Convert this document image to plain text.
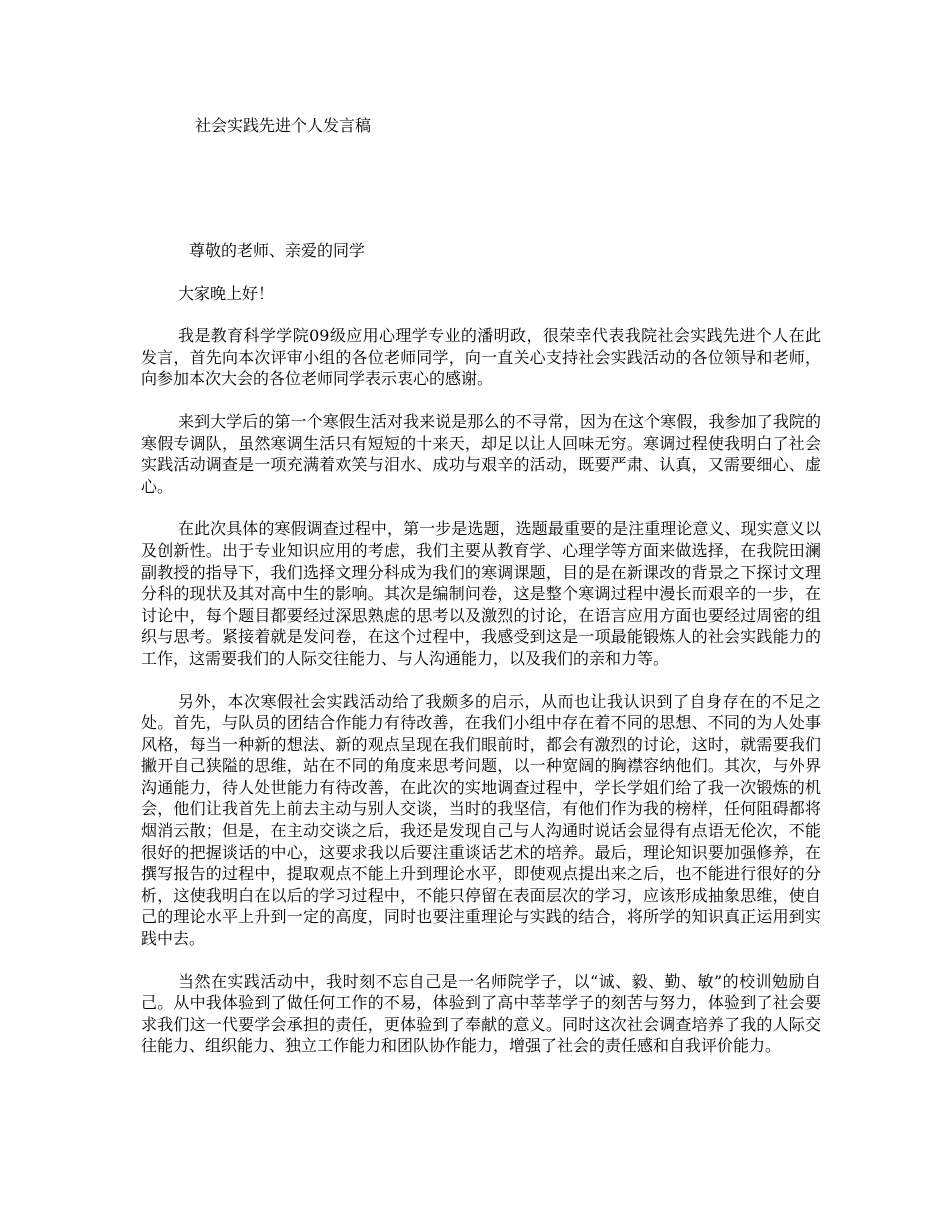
社会实践先进个人发言稿

尊敬的老师、亲爱的同学

大家晚上好！

我是教育科学学院09级应用心理学专业的潘明政，很荣幸代表我院社会实践先进个人在此发言，首先向本次评审小组的各位老师同学，向一直关心支持社会实践活动的各位领导和老师，向参加本次大会的各位老师同学表示衷心的感谢。

来到大学后的第一个寒假生活对我来说是那么的不寻常，因为在这个寒假，我参加了我院的寒假专调队，虽然寒调生活只有短短的十来天，却足以让人回味无穷。寒调过程使我明白了社会实践活动调查是一项充满着欢笑与泪水、成功与艰辛的活动，既要严肃、认真，又需要细心、虚心。

在此次具体的寒假调查过程中，第一步是选题，选题最重要的是注重理论意义、现实意义以及创新性。出于专业知识应用的考虑，我们主要从教育学、心理学等方面来做选择，在我院田澜副教授的指导下，我们选择文理分科成为我们的寒调课题，目的是在新课改的背景之下探讨文理分科的现状及其对高中生的影响。其次是编制问卷，这是整个寒调过程中漫长而艰辛的一步，在讨论中，每个题目都要经过深思熟虑的思考以及激烈的讨论，在语言应用方面也要经过周密的组织与思考。紧接着就是发问卷，在这个过程中，我感受到这是一项最能锻炼人的社会实践能力的工作，这需要我们的人际交往能力、与人沟通能力，以及我们的亲和力等。

另外，本次寒假社会实践活动给了我颇多的启示，从而也让我认识到了自身存在的不足之处。首先，与队员的团结合作能力有待改善，在我们小组中存在着不同的思想、不同的为人处事风格，每当一种新的想法、新的观点呈现在我们眼前时，都会有激烈的讨论，这时，就需要我们撇开自己狭隘的思维，站在不同的角度来思考问题，以一种宽阔的胸襟容纳他们。其次，与外界沟通能力，待人处世能力有待改善，在此次的实地调查过程中，学长学姐们给了我一次锻炼的机会，他们让我首先上前去主动与别人交谈，当时的我坚信，有他们作为我的榜样，任何阻碍都将烟消云散；但是，在主动交谈之后，我还是发现自己与人沟通时说话会显得有点语无伦次，不能很好的把握谈话的中心，这要求我以后要注重谈话艺术的培养。最后，理论知识要加强修养，在撰写报告的过程中，提取观点不能上升到理论水平，即使观点提出来之后，也不能进行很好的分析，这使我明白在以后的学习过程中，不能只停留在表面层次的学习，应该形成抽象思维，使自己的理论水平上升到一定的高度，同时也要注重理论与实践的结合，将所学的知识真正运用到实践中去。

当然在实践活动中，我时刻不忘自己是一名师院学子，以“诚、毅、勤、敏”的校训勉励自己。从中我体验到了做任何工作的不易，体验到了高中莘莘学子的刻苦与努力，体验到了社会要求我们这一代要学会承担的责任，更体验到了奉献的意义。同时这次社会调查培养了我的人际交往能力、组织能力、独立工作能力和团队协作能力，增强了社会的责任感和自我评价能力。
